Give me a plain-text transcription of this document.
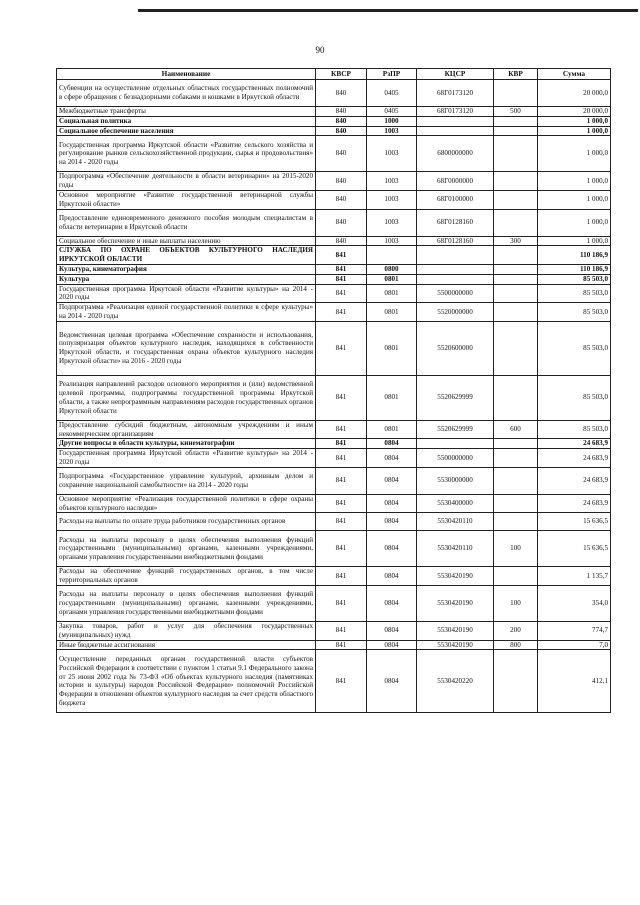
90
Наименование	КВСР	РзПР	КЦСР	КВР	Сумма
Субвенции на осуществление отдельных областных государственных полномочий в сфере обращения с безнадзорными собаками и кошками в Иркутской области	840	0405	68Г0173120		20 000,0
Межбюджетные трансферты	840	0405	68Г0173120	500	20 000,0
Социальная политика	840	1000			1 000,0
Социальное обеспечение населения	840	1003			1 000,0
Государственная программа Иркутской области «Развитие сельского хозяйства и регулирование рынков сельскохозяйственной продукции, сырья и продовольствия» на 2014 - 2020 годы	840	1003	6800000000		1 000,0
Подпрограмма «Обеспечение деятельности в области ветеринарии» на 2015-2020 годы	840	1003	68Г0000000		1 000,0
Основное мероприятие «Развитие государственной ветеринарной службы Иркутской области»	840	1003	68Г0100000		1 000,0
Предоставление единовременного денежного пособия молодым специалистам в области ветеринарии в Иркутской области	840	1003	68Г0128160		1 000,0
Социальное обеспечение и иные выплаты населению	840	1003	68Г0128160	300	1 000,0
СЛУЖБА ПО ОХРАНЕ ОБЪЕКТОВ КУЛЬТУРНОГО НАСЛЕДИЯ ИРКУТСКОЙ ОБЛАСТИ	841				110 186,9
Культура, кинематография	841	0800			110 186,9
Культура	841	0801			85 503,0
Государственная программа Иркутской области «Развитие культуры» на 2014 - 2020 годы	841	0801	5500000000		85 503,0
Подпрограмма «Реализация единой государственной политики в сфере культуры» на 2014 - 2020 годы	841	0801	5520000000		85 503,0
Ведомственная целевая программа «Обеспечение сохранности и использования, популяризация объектов культурного наследия, находящихся в собственности Иркутской области, и государственная охрана объектов культурного наследия Иркутской области» на 2016 - 2020 годы	841	0801	5520600000		85 503,0
Реализация направлений расходов основного мероприятия и (или) ведомственной целевой программы, подпрограммы государственной программы Иркутской области, а также непрограммным направлениям расходов государственных органов Иркутской области	841	0801	5520629999		85 503,0
Предоставление субсидий бюджетным, автономным учреждениям и иным некоммерческим организациям	841	0801	5520629999	600	85 503,0
Другие вопросы в области культуры, кинематографии	841	0804			24 683,9
Государственная программа Иркутской области «Развитие культуры» на 2014 - 2020 годы	841	0804	5500000000		24 683,9
Подпрограмма «Государственное управление культурой, архивным делом и сохранение национальной самобытности» на 2014 - 2020 годы	841	0804	5530000000		24 683,9
Основное мероприятие «Реализация государственной политики в сфере охраны объектов культурного наследия»	841	0804	5530400000		24 683,9
Расходы на выплаты по оплате труда работников государственных органов	841	0804	5530420110		15 636,5
Расходы на выплаты персоналу в целях обеспечения выполнения функций государственными (муниципальными) органами, казенными учреждениями, органами управления государственными внебюджетными фондами	841	0804	5530420110	100	15 636,5
Расходы на обеспечение функций государственных органов, в том числе территориальных органов	841	0804	5530420190		1 135,7
Расходы на выплаты персоналу в целях обеспечения выполнения функций государственными (муниципальными) органами, казенными учреждениями, органами управления государственными внебюджетными фондами	841	0804	5530420190	100	354,0
Закупка товаров, работ и услуг для обеспечения государственных (муниципальных) нужд	841	0804	5530420190	200	774,7
Иные бюджетные ассигнования	841	0804	5530420190	800	7,0
Осуществление переданных органам государственной власти субъектов Российской Федерации в соответствии с пунктом 1 статьи 9.1 Федерального закона от 25 июня 2002 года № 73-ФЗ «Об объектах культурного наследия (памятниках истории и культуры) народов Российской Федерации» полномочий Российской Федерации в отношении объектов культурного наследия за счет средств областного бюджета	841	0804	5530420220		412,1
